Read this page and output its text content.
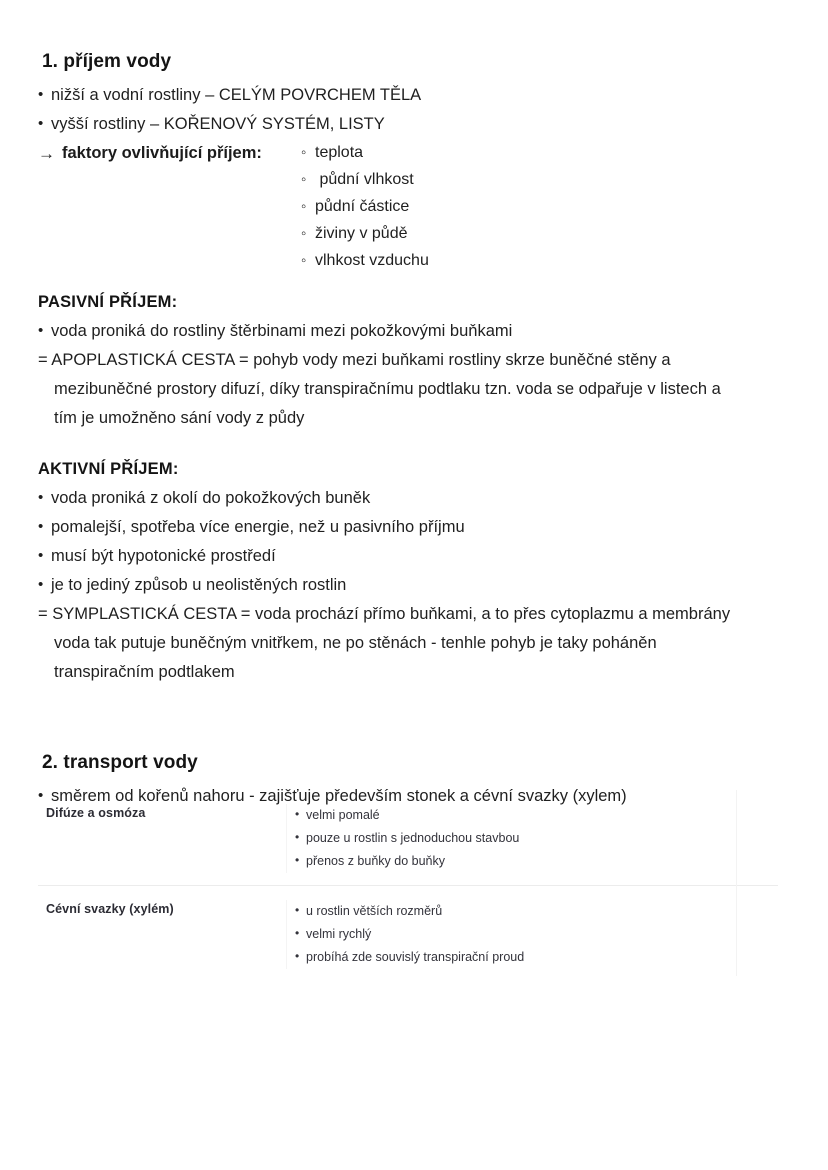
1. příjem vody
• nižší a vodní rostliny – CELÝM POVRCHEM TĚLA
• vyšší rostliny – KOŘENOVÝ SYSTÉM, LISTY
→ faktory ovlivňující příjem:	◦ teplota
◦  půdní vlhkost
◦ půdní částice
◦ živiny v půdě
◦ vlhkost vzduchu
PASIVNÍ PŘÍJEM:
• voda proniká do rostliny štěrbinami mezi pokožkovými buňkami
= APOPLASTICKÁ CESTA = pohyb vody mezi buňkami rostliny skrze buněčné stěny a
mezibuněčné prostory difuzí, díky transpiračnímu podtlaku tzn. voda se odpařuje v listech a
tím je umožněno sání vody z půdy
AKTIVNÍ PŘÍJEM:
• voda proniká z okolí do pokožkových buněk
• pomalejší, spotřeba více energie, než u pasivního příjmu
• musí být hypotonické prostředí
• je to jediný způsob u neolistěných rostlin
= SYMPLASTICKÁ CESTA = voda prochází přímo buňkami, a to přes cytoplazmu a membrány
voda tak putuje buněčným vnitřkem, ne po stěnách - tenhle pohyb je taky poháněn
transpiračním podtlakem
2. transport vody
• směrem od kořenů nahoru - zajišťuje především stonek a cévní svazky (xylem)
Difúze a osmóza	• velmi pomalé
• pouze u rostlin s jednoduchou stavbou
• přenos z buňky do buňky
Cévní svazky (xylém)	• u rostlin větších rozměrů
• velmi rychlý
• probíhá zde souvislý transpirační proud
